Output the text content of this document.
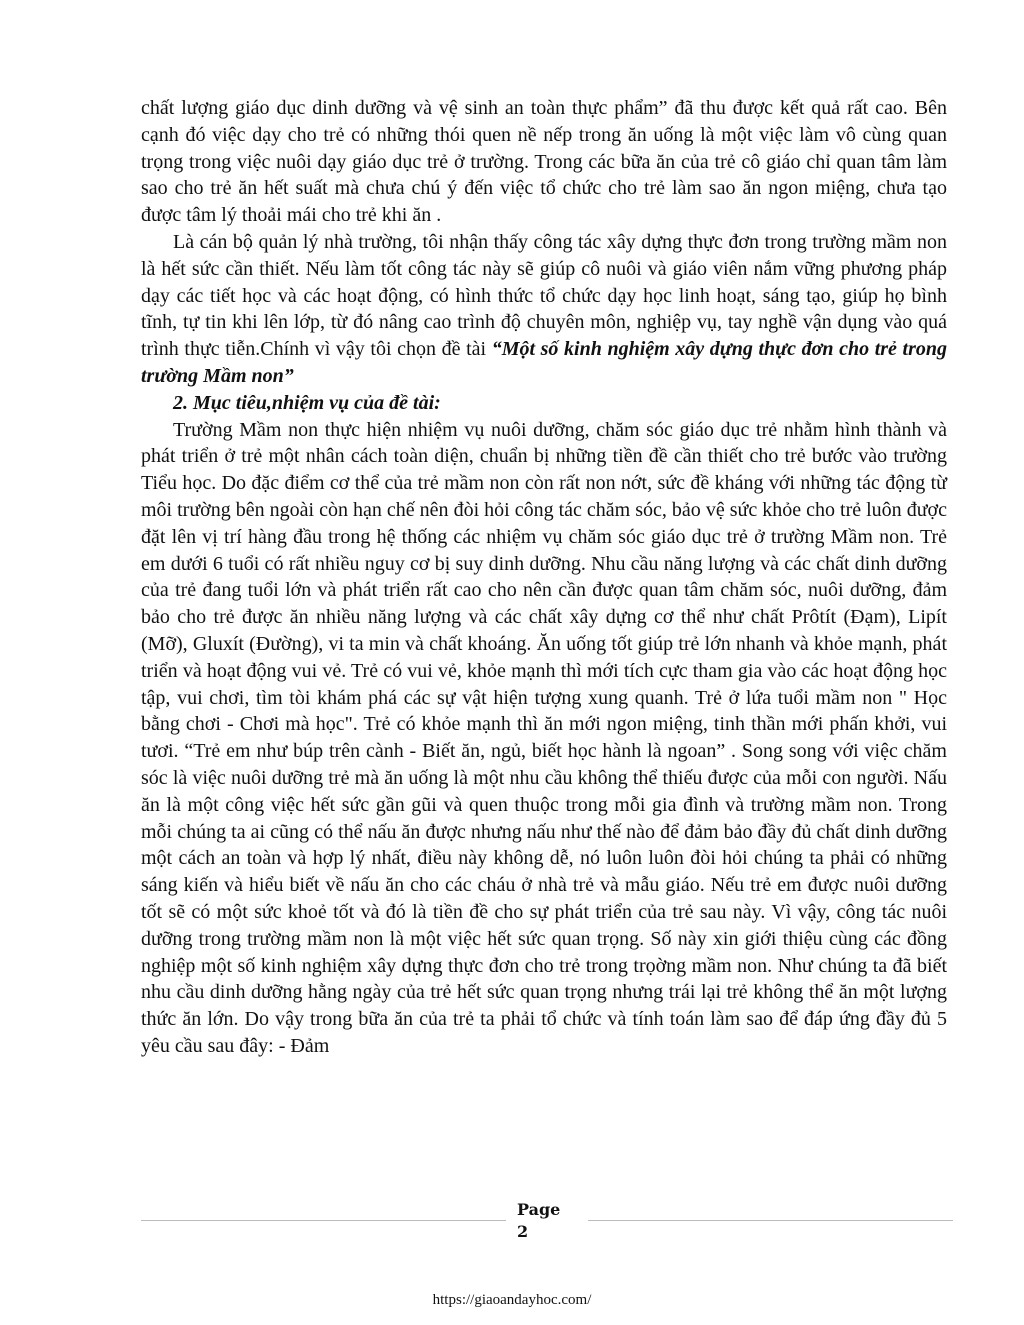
chất lượng giáo dục dinh dưỡng và vệ sinh an toàn thực phẩm” đã thu được kết quả rất cao. Bên cạnh đó việc dạy cho trẻ có những thói quen nề nếp trong ăn uống là một việc làm vô cùng quan trọng trong việc nuôi dạy giáo dục trẻ ở trường. Trong các bữa ăn của trẻ cô giáo chỉ quan tâm làm sao cho trẻ ăn hết suất mà chưa chú ý đến việc tổ chức cho trẻ làm sao ăn ngon miệng, chưa tạo được tâm lý thoải mái cho trẻ khi ăn .

Là cán bộ quản lý nhà trường, tôi nhận thấy công tác xây dựng thực đơn trong trường mầm non là hết sức cần thiết. Nếu làm tốt công tác này sẽ giúp cô nuôi và giáo viên nắm vững phương pháp dạy các tiết học và các hoạt động, có hình thức tổ chức dạy học linh hoạt, sáng tạo, giúp họ bình tĩnh, tự tin khi lên lớp, từ đó nâng cao trình độ chuyên môn, nghiệp vụ, tay nghề vận dụng vào quá trình thực tiễn.Chính vì vậy tôi chọn đề tài “Một số kinh nghiệm xây dựng thực đơn cho trẻ trong trường Mầm non”

2. Mục tiêu,nhiệm vụ của đề tài:

Trường Mầm non thực hiện nhiệm vụ nuôi dưỡng, chăm sóc giáo dục trẻ nhằm hình thành và phát triển ở trẻ một nhân cách toàn diện, chuẩn bị những tiền đề cần thiết cho trẻ bước vào trường Tiểu học. Do đặc điểm cơ thể của trẻ mầm non còn rất non nớt, sức đề kháng với những tác động từ môi trường bên ngoài còn hạn chế nên đòi hỏi công tác chăm sóc, bảo vệ sức khỏe cho trẻ luôn được đặt lên vị trí hàng đầu trong hệ thống các nhiệm vụ chăm sóc giáo dục trẻ ở trường Mầm non. Trẻ em dưới 6 tuổi có rất nhiều nguy cơ bị suy dinh dưỡng. Nhu cầu năng lượng và các chất dinh dưỡng của trẻ đang tuổi lớn và phát triển rất cao cho nên cần được quan tâm chăm sóc, nuôi dưỡng, đảm bảo cho trẻ được ăn nhiều năng lượng và các chất xây dựng cơ thể như chất Prôtít (Đạm), Lipít (Mỡ), Gluxít (Đường), vi ta min và chất khoáng. Ăn uống tốt giúp trẻ lớn nhanh và khỏe mạnh, phát triển và hoạt động vui vẻ. Trẻ có vui vẻ, khỏe mạnh thì mới tích cực tham gia vào các hoạt động học tập, vui chơi, tìm tòi khám phá các sự vật hiện tượng xung quanh. Trẻ ở lứa tuổi mầm non " Học bằng chơi - Chơi mà học". Trẻ có khỏe mạnh thì ăn mới ngon miệng, tinh thần mới phấn khởi, vui tươi. “Trẻ em như búp trên cành - Biết ăn, ngủ, biết học hành là ngoan” . Song song với việc chăm sóc là việc nuôi dưỡng trẻ mà ăn uống là một nhu cầu không thể thiếu được của mỗi con người. Nấu ăn là một công việc hết sức gần gũi và quen thuộc trong mỗi gia đình và trường mầm non. Trong mỗi chúng ta ai cũng có thể nấu ăn được nhưng nấu như thế nào để đảm bảo đầy đủ chất dinh dưỡng một cách an toàn và hợp lý nhất, điều này không dễ, nó luôn luôn đòi hỏi chúng ta phải có những sáng kiến và hiểu biết về nấu ăn cho các cháu ở nhà trẻ và mẫu giáo. Nếu trẻ em được nuôi dưỡng tốt sẽ có một sức khoẻ tốt và đó là tiền đề cho sự phát triển của trẻ sau này. Vì vậy, công tác nuôi dưỡng trong trường mầm non là một việc hết sức quan trọng. Số này xin giới thiệu cùng các đồng nghiệp một số kinh nghiệm xây dựng thực đơn cho trẻ trong trọờng mầm non. Như chúng ta đã biết nhu cầu dinh dưỡng hằng ngày của trẻ hết sức quan trọng nhưng trái lại trẻ không thể ăn một lượng thức ăn lớn. Do vậy trong bữa ăn của trẻ ta phải tổ chức và tính toán làm sao để đáp ứng đầy đủ 5 yêu cầu sau đây: - Đảm

Page
2
https://giaoandayhoc.com/
